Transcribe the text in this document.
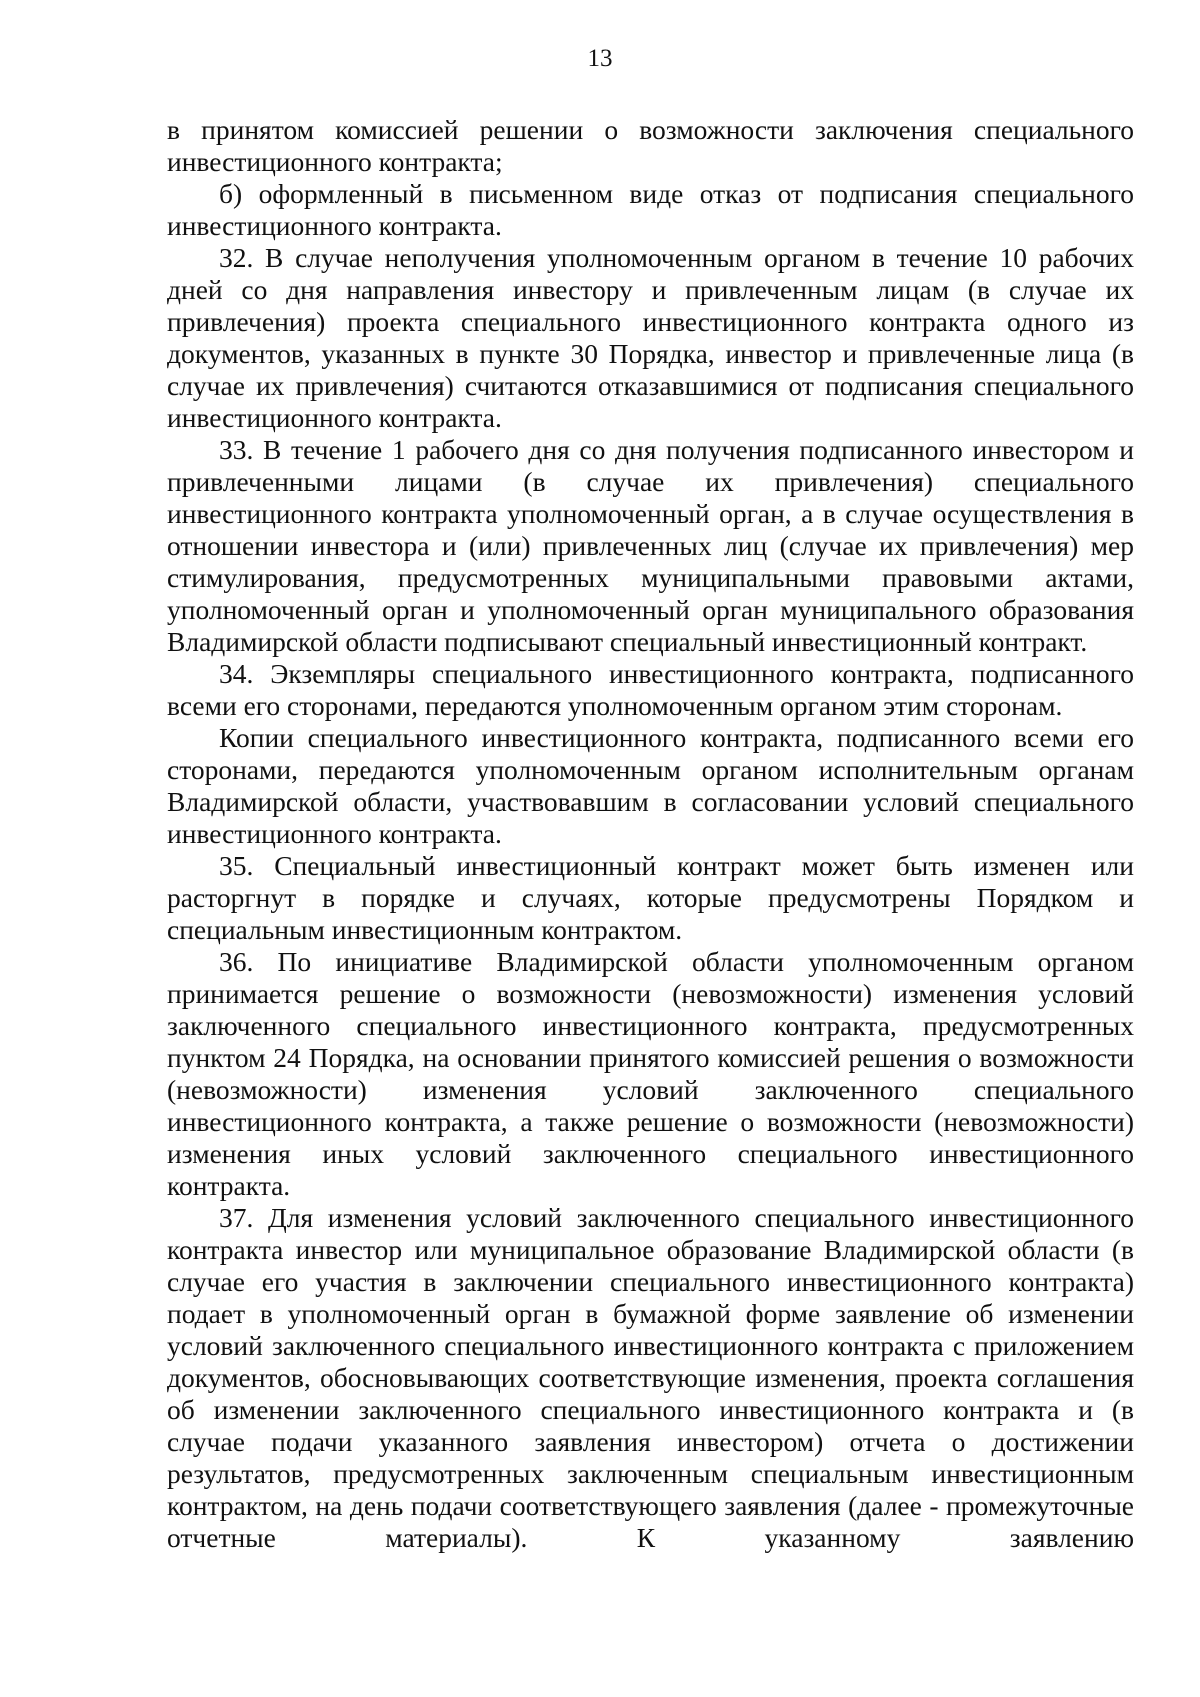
13

в принятом комиссией решении о возможности заключения специального инвестиционного контракта;

б) оформленный в письменном виде отказ от подписания специального инвестиционного контракта.

32. В случае неполучения уполномоченным органом в течение 10 рабочих дней со дня направления инвестору и привлеченным лицам (в случае их привлечения) проекта специального инвестиционного контракта одного из документов, указанных в пункте 30 Порядка, инвестор и привлеченные лица (в случае их привлечения) считаются отказавшимися от подписания специального инвестиционного контракта.

33. В течение 1 рабочего дня со дня получения подписанного инвестором и привлеченными лицами (в случае их привлечения) специального инвестиционного контракта уполномоченный орган, а в случае осуществления в отношении инвестора и (или) привлеченных лиц (случае их привлечения) мер стимулирования, предусмотренных муниципальными правовыми актами, уполномоченный орган и уполномоченный орган муниципального образования Владимирской области подписывают специальный инвестиционный контракт.

34. Экземпляры специального инвестиционного контракта, подписанного всеми его сторонами, передаются уполномоченным органом этим сторонам.

Копии специального инвестиционного контракта, подписанного всеми его сторонами, передаются уполномоченным органом исполнительным органам Владимирской области, участвовавшим в согласовании условий специального инвестиционного контракта.

35. Специальный инвестиционный контракт может быть изменен или расторгнут в порядке и случаях, которые предусмотрены Порядком и специальным инвестиционным контрактом.

36. По инициативе Владимирской области уполномоченным органом принимается решение о возможности (невозможности) изменения условий заключенного специального инвестиционного контракта, предусмотренных пунктом 24 Порядка, на основании принятого комиссией решения о возможности (невозможности) изменения условий заключенного специального инвестиционного контракта, а также решение о возможности (невозможности) изменения иных условий заключенного специального инвестиционного контракта.

37. Для изменения условий заключенного специального инвестиционного контракта инвестор или муниципальное образование Владимирской области (в случае его участия в заключении специального инвестиционного контракта) подает в уполномоченный орган в бумажной форме заявление об изменении условий заключенного специального инвестиционного контракта с приложением документов, обосновывающих соответствующие изменения, проекта соглашения об изменении заключенного специального инвестиционного контракта и (в случае подачи указанного заявления инвестором) отчета о достижении результатов, предусмотренных заключенным специальным инвестиционным контрактом, на день подачи соответствующего заявления (далее - промежуточные отчетные материалы). К указанному заявлению
